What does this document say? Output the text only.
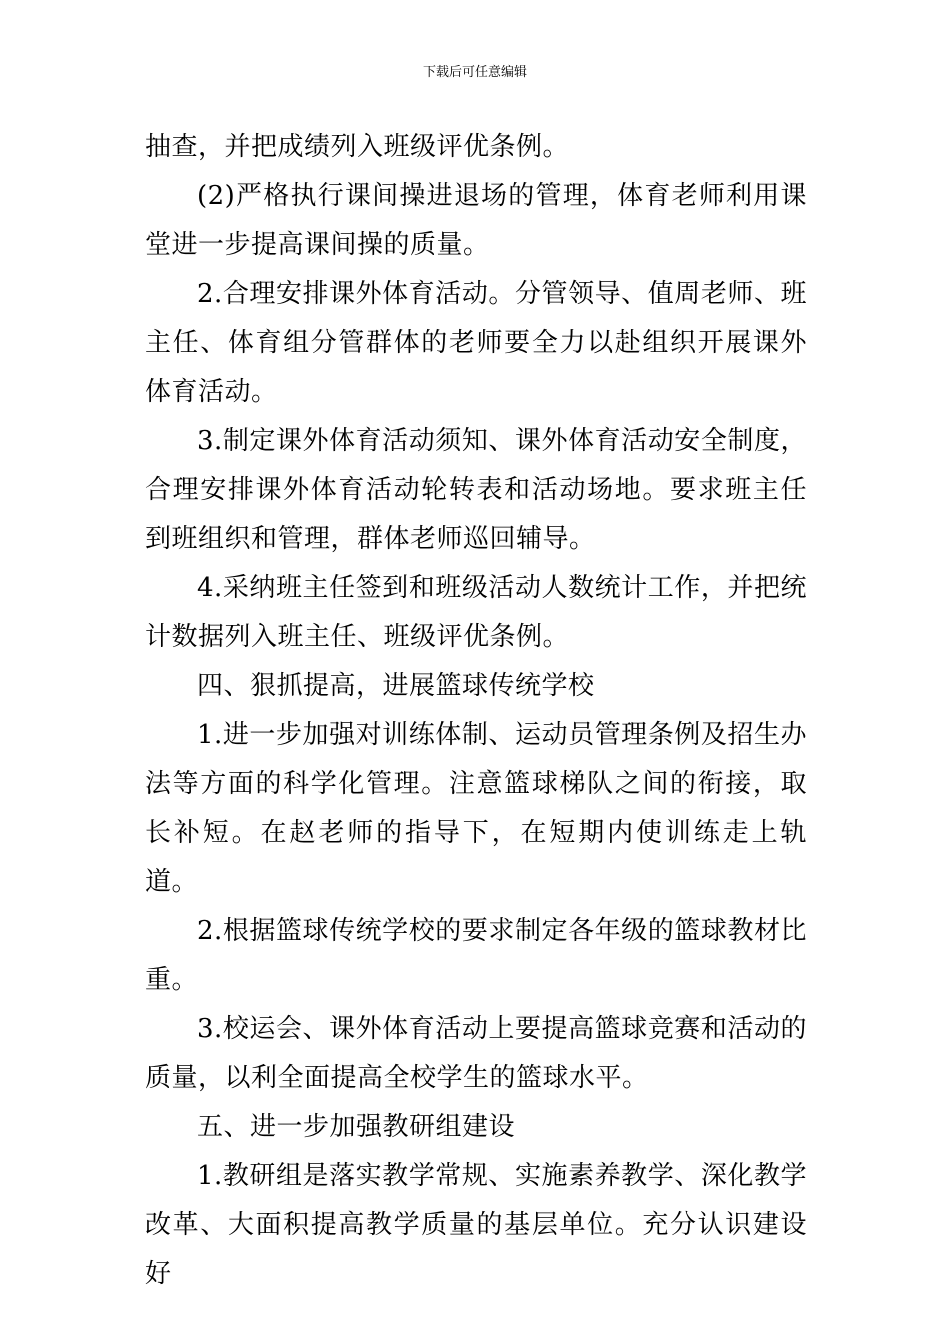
下载后可任意编辑

抽查，并把成绩列入班级评优条例。

(2)严格执行课间操进退场的管理，体育老师利用课堂进一步提高课间操的质量。

2.合理安排课外体育活动。分管领导、值周老师、班主任、体育组分管群体的老师要全力以赴组织开展课外体育活动。

3.制定课外体育活动须知、课外体育活动安全制度，合理安排课外体育活动轮转表和活动场地。要求班主任到班组织和管理，群体老师巡回辅导。

4.采纳班主任签到和班级活动人数统计工作，并把统计数据列入班主任、班级评优条例。

四、狠抓提高，进展篮球传统学校

1.进一步加强对训练体制、运动员管理条例及招生办法等方面的科学化管理。注意篮球梯队之间的衔接，取长补短。在赵老师的指导下，在短期内使训练走上轨道。

2.根据篮球传统学校的要求制定各年级的篮球教材比重。

3.校运会、课外体育活动上要提高篮球竞赛和活动的质量，以利全面提高全校学生的篮球水平。

五、进一步加强教研组建设

1.教研组是落实教学常规、实施素养教学、深化教学改革、大面积提高教学质量的基层单位。充分认识建设好
